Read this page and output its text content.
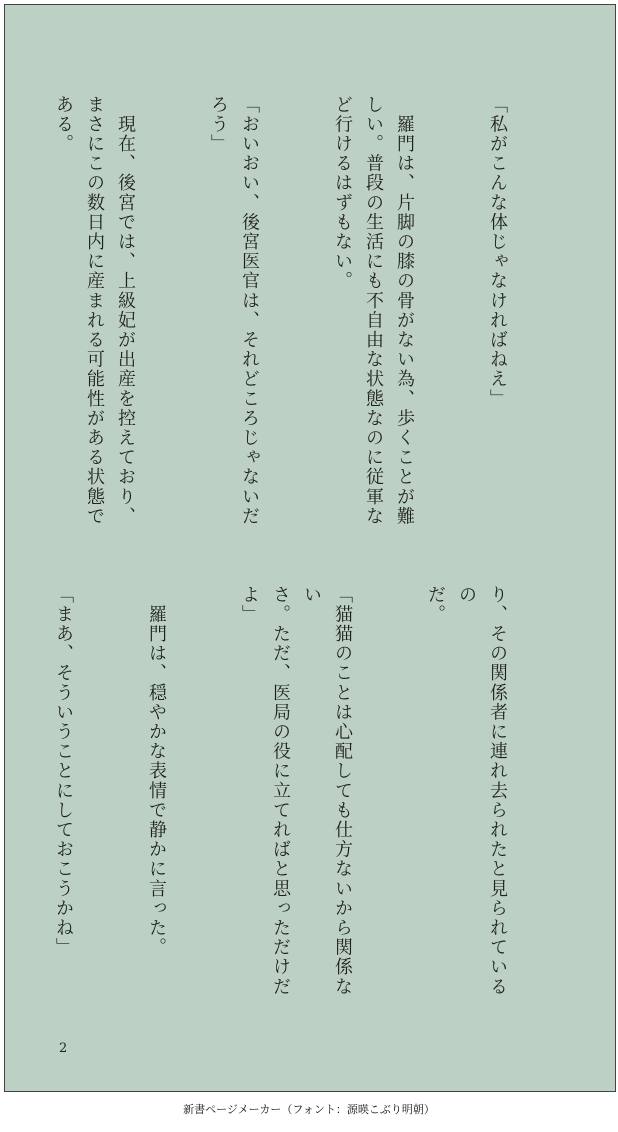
「私がこんな体じゃなければねえ」

　羅門は、片脚の膝の骨がない為、歩くことが難
しい。普段の生活にも不自由な状態なのに従軍な
ど行けるはずもない。

「おいおい、後宮医官は、それどころじゃないだ
ろう」

　現在、後宮では、上級妃が出産を控えており、
まさにこの数日内に産まれる可能性がある状態で
ある。

り、その関係者に連れ去られたと見られているの
だ。

「猫猫のことは心配しても仕方ないから関係ない
さ。ただ、医局の役に立てればと思っただけだよ」

　羅門は、穏やかな表情で静かに言った。

「まあ、そういうことにしておこうかね」

2
新書ページメーカー（フォント：源暎こぶり明朝）
